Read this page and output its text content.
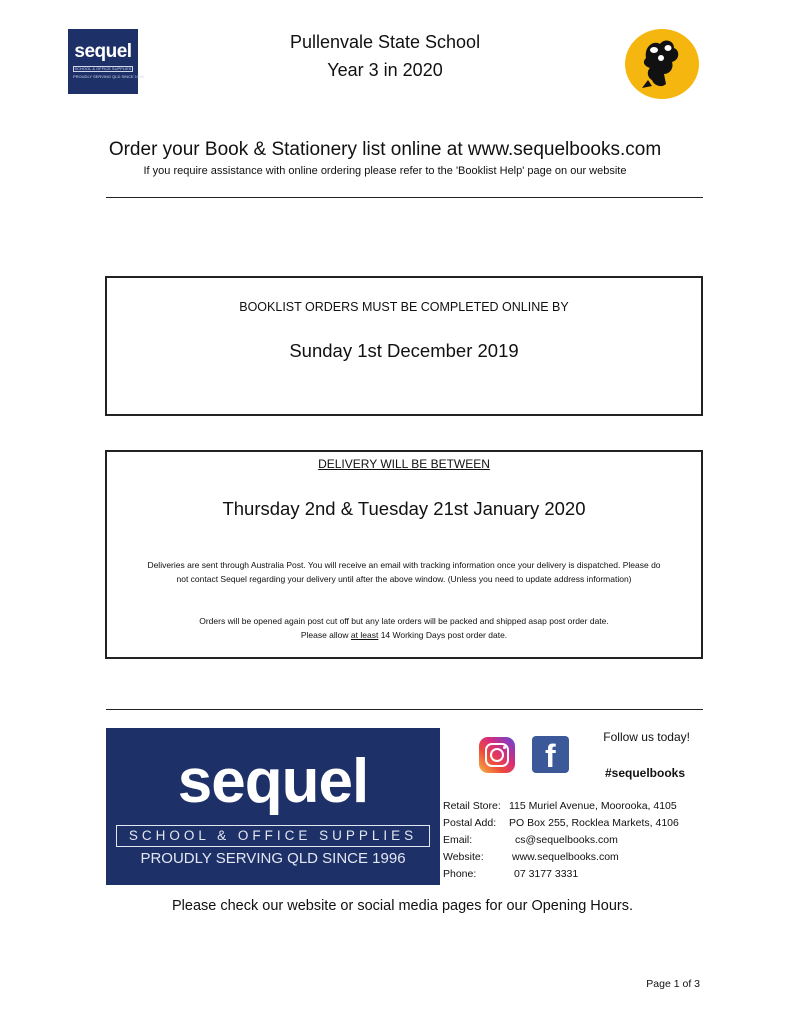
sequel
SCHOOL & OFFICE SUPPLIES
PROUDLY SERVING QLD SINCE 1996
Pullenvale State School
Year 3 in 2020
Order your Book & Stationery list online at www.sequelbooks.com
If you require assistance with online ordering please refer to the 'Booklist Help' page on our website
BOOKLIST ORDERS MUST BE COMPLETED ONLINE BY
Sunday 1st December 2019
DELIVERY WILL BE BETWEEN
Thursday 2nd & Tuesday 21st January 2020
Deliveries are sent through Australia Post. You will receive an email with tracking information once your delivery is dispatched. Please do not contact Sequel regarding your delivery until after the above window. (Unless you need to update address information)
Orders will be opened again post cut off but any late orders will be packed and shipped asap post order date.
Please allow at least 14 Working Days post order date.
sequel
SCHOOL & OFFICE SUPPLIES
PROUDLY SERVING QLD SINCE 1996
f
Follow us today!
#sequelbooks
Retail Store: 115 Muriel Avenue, Moorooka, 4105
Postal Add: PO Box 255, Rocklea Markets, 4106
Email:	cs@sequelbooks.com
Website:	www.sequelbooks.com
Phone:	07 3177 3331
Please check our website or social media pages for our Opening Hours.
Page 1 of 3
